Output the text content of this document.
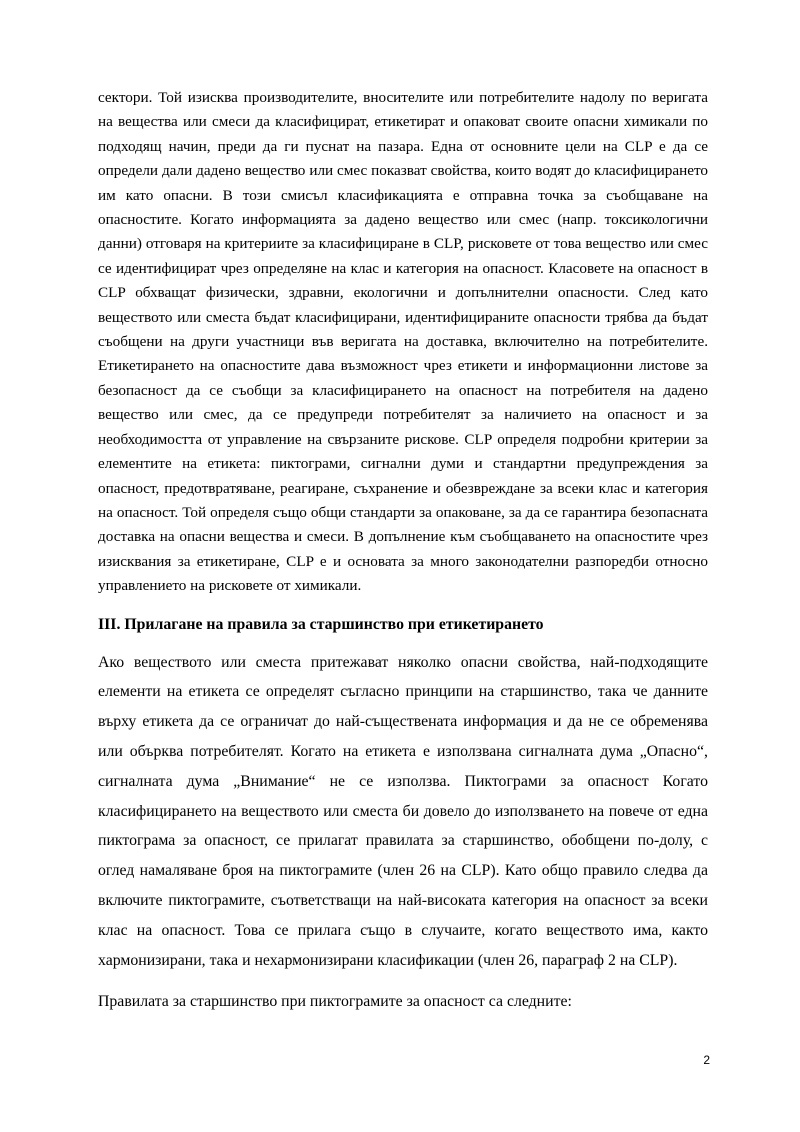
сектори. Той изисква производителите, вносителите или потребителите надолу по веригата на вещества или смеси да класифицират, етикетират и опаковат своите опасни химикали по подходящ начин, преди да ги пуснат на пазара. Една от основните цели на CLP е да се определи дали дадено вещество или смес показват свойства, които водят до класифицирането им като опасни. В този смисъл класификацията е отправна точка за съобщаване на опасностите. Когато информацията за дадено вещество или смес (напр. токсикологични данни) отговаря на критериите за класифициране в CLP, рисковете от това вещество или смес се идентифицират чрез определяне на клас и категория на опасност. Класовете на опасност в CLP обхващат физически, здравни, екологични и допълнителни опасности. След като веществото или сместа бъдат класифицирани, идентифицираните опасности трябва да бъдат съобщени на други участници във веригата на доставка, включително на потребителите. Етикетирането на опасностите дава възможност чрез етикети и информационни листове за безопасност да се съобщи за класифицирането на опасност на потребителя на дадено вещество или смес, да се предупреди потребителят за наличието на опасност и за необходимостта от управление на свързаните рискове. CLP определя подробни критерии за елементите на етикета: пиктограми, сигнални думи и стандартни предупреждения за опасност, предотвратяване, реагиране, съхранение и обезвреждане за всеки клас и категория на опасност. Той определя също общи стандарти за опаковане, за да се гарантира безопасната доставка на опасни вещества и смеси. В допълнение към съобщаването на опасностите чрез изисквания за етикетиране, CLP е и основата за много законодателни разпоредби относно управлението на рисковете от химикали.

III. Прилагане на правила за старшинство при етикетирането

Ако веществото или сместа притежават няколко опасни свойства, най-подходящите елементи на етикета се определят съгласно принципи на старшинство, така че данните върху етикета да се ограничат до най-съществената информация и да не се обременява или обърква потребителят. Когато на етикета е използвана сигналната дума „Опасно“, сигналната дума „Внимание“ не се използва. Пиктограми за опасност Когато класифицирането на веществото или сместа би довело до използването на повече от една пиктограма за опасност, се прилагат правилата за старшинство, обобщени по-долу, с оглед намаляване броя на пиктограмите (член 26 на CLP). Като общо правило следва да включите пиктограмите, съответстващи на най-високата категория на опасност за всеки клас на опасност. Това се прилага също в случаите, когато веществото има, както хармонизирани, така и нехармонизирани класификации (член 26, параграф 2 на CLP).

Правилата за старшинство при пиктограмите за опасност са следните:

2
